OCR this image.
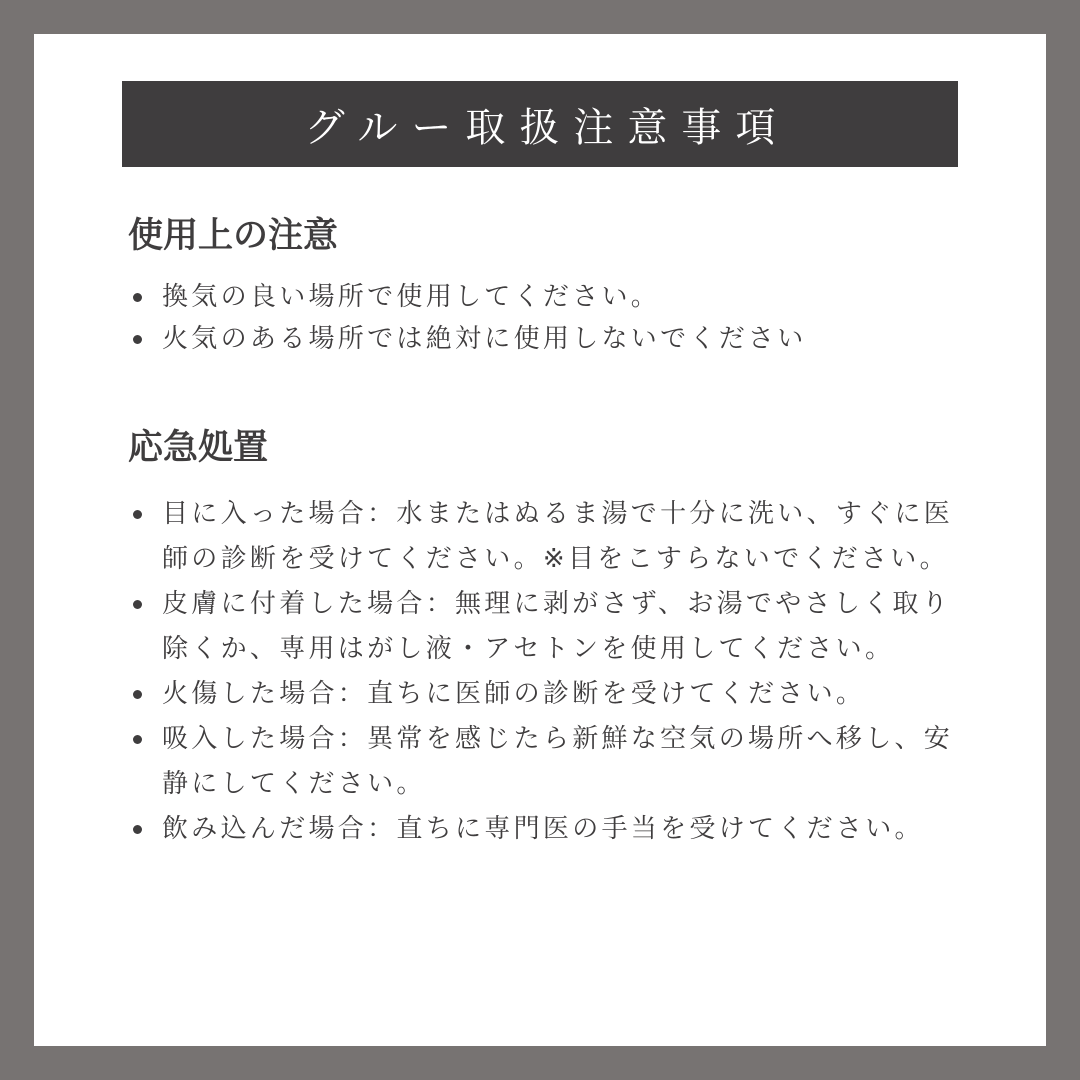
グルー取扱注意事項
使用上の注意
換気の良い場所で使用してください。
火気のある場所では絶対に使用しないでください
応急処置
目に入った場合：水またはぬるま湯で十分に洗い、すぐに医師の診断を受けてください。※目をこすらないでください。
皮膚に付着した場合：無理に剥がさず、お湯でやさしく取り除くか、専用はがし液・アセトンを使用してください。
火傷した場合：直ちに医師の診断を受けてください。
吸入した場合：異常を感じたら新鮮な空気の場所へ移し、安静にしてください。
飲み込んだ場合：直ちに専門医の手当を受けてください。
